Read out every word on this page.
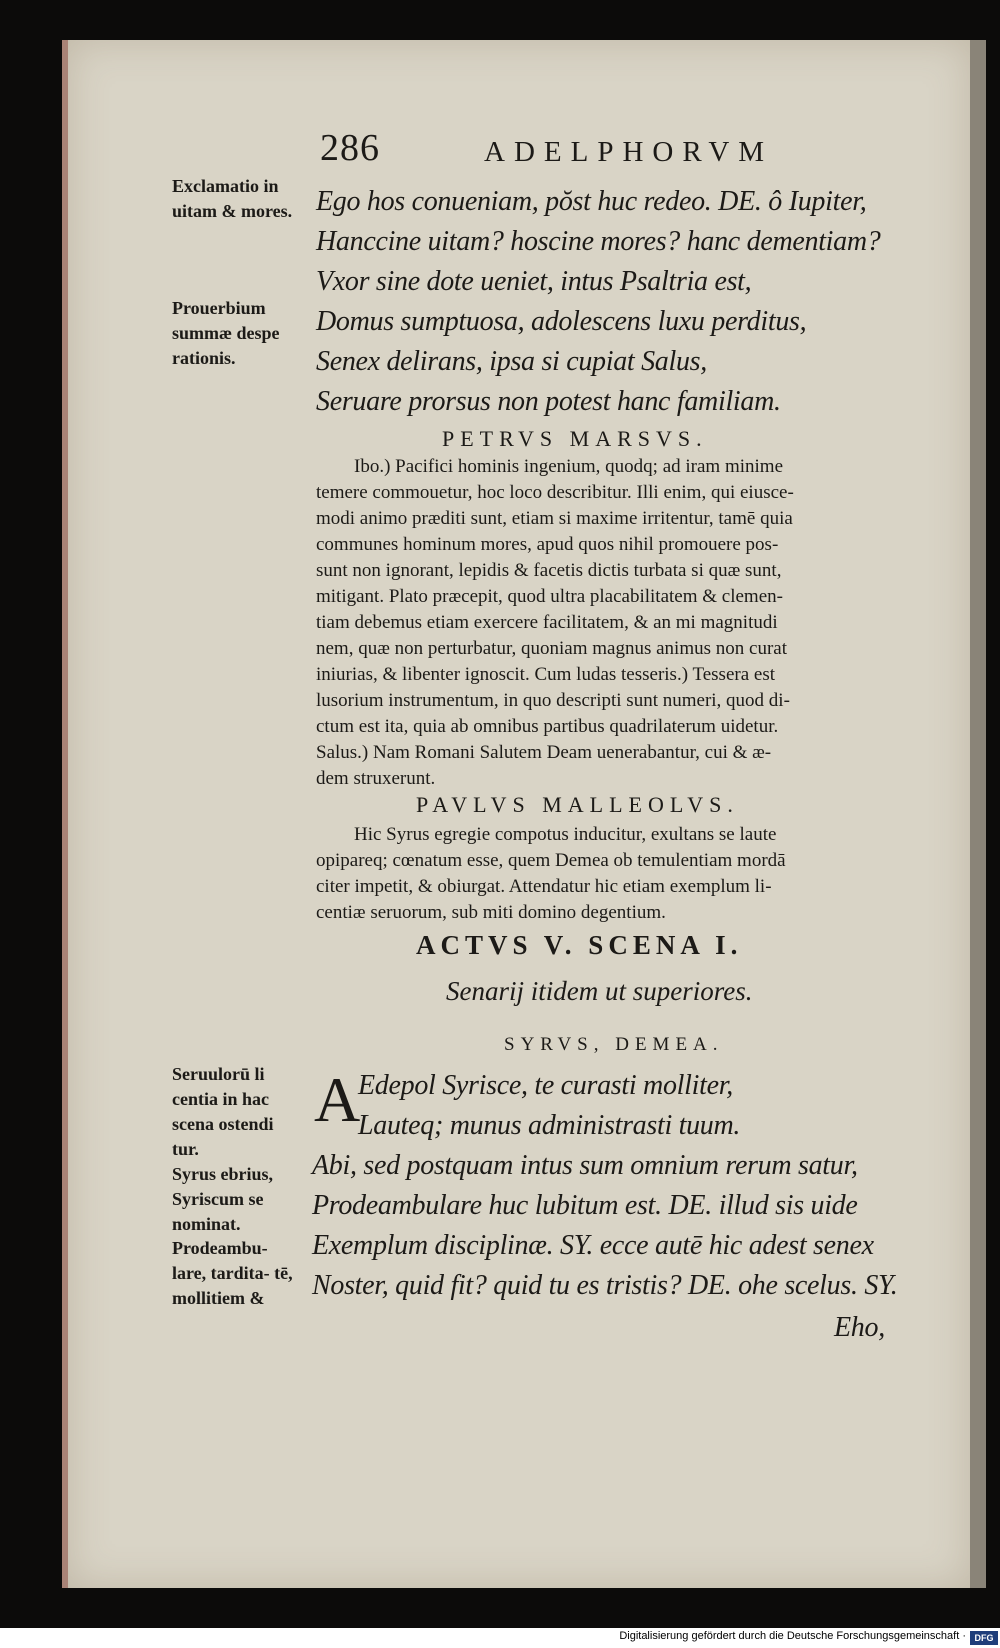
286	ADELPHORVM
Exclamatio in uitam & mores.
Prouerbium summæ despe rationis.
Seruulorū li centia in hac scena ostendi tur.
Syrus ebrius, Syriscum se nominat.
Prodeambu- lare, tardita- tē, mollitiem &
Ego hos conueniam, pŏst huc redeo. DE. ô Iupiter,
Hanccine uitam? hoscine mores? hanc dementiam?
Vxor sine dote ueniet, intus Psaltria est,
Domus sumptuosa, adolescens luxu perditus,
Senex delirans, ipsa si cupiat Salus,
Seruare prorsus non potest hanc familiam.
PETRVS MARSVS.
Ibo.) Pacifici hominis ingenium, quodq; ad iram minime
temere commouetur, hoc loco describitur. Illi enim, qui eiusce-
modi animo præditi sunt, etiam si maxime irritentur, tamē quia
communes hominum mores, apud quos nihil promouere pos-
sunt non ignorant, lepidis & facetis dictis turbata si quæ sunt,
mitigant. Plato præcepit, quod ultra placabilitatem & clemen-
tiam debemus etiam exercere facilitatem, & an mi magnitudi
nem, quæ non perturbatur, quoniam magnus animus non curat
iniurias, & libenter ignoscit. Cum ludas tesseris.) Tessera est
lusorium instrumentum, in quo descripti sunt numeri, quod di-
ctum est ita, quia ab omnibus partibus quadrilaterum uidetur.
Salus.) Nam Romani Salutem Deam uenerabantur, cui & æ-
dem struxerunt.
PAVLVS MALLEOLVS.
Hic Syrus egregie compotus inducitur, exultans se laute
opipareq; cœnatum esse, quem Demea ob temulentiam mordā
citer impetit, & obiurgat. Attendatur hic etiam exemplum li-
centiæ seruorum, sub miti domino degentium.
ACTVS V. SCENA I.
Senarij itidem ut superiores.
SYRVS, DEMEA.
A
Edepol Syrisce, te curasti molliter,
Lauteq; munus administrasti tuum.
Abi, sed postquam intus sum omnium rerum satur,
Prodeambulare huc lubitum est. DE. illud sis uide
Exemplum disciplinæ. SY. ecce autē hic adest senex
Noster, quid fit? quid tu es tristis? DE. ohe scelus. SY.
Eho,
Digitalisierung gefördert durch die Deutsche Forschungsgemeinschaft · DFG
